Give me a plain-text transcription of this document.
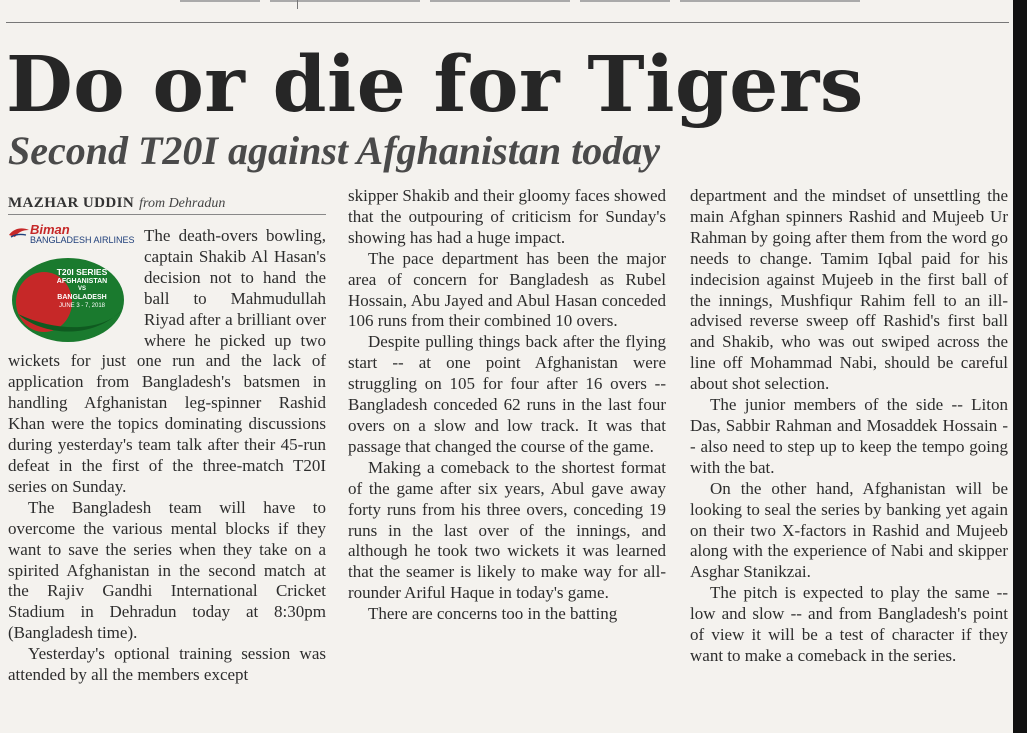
Do or die for Tigers
Second T20I against Afghanistan today
MAZHAR UDDIN from Dehradun
Biman
BANGLADESH AIRLINES
T20I SERIES
AFGHANISTAN
VS
BANGLADESH
JUNE 3 - 7, 2018

The death-overs bowling, captain Shakib Al Hasan's decision not to hand the ball to Mahmudullah Riyad after a brilliant over where he picked up two wickets for just one run and the lack of application from Bangladesh's batsmen in handling Afghanistan leg-spinner Rashid Khan were the topics dominating discussions during yesterday's team talk after their 45-run defeat in the first of the three-match T20I series on Sunday.

The Bangladesh team will have to overcome the various mental blocks if they want to save the series when they take on a spirited Afghanistan in the second match at the Rajiv Gandhi International Cricket Stadium in Dehradun today at 8:30pm (Bangladesh time).

Yesterday's optional training session was attended by all the members except

skipper Shakib and their gloomy faces showed that the outpouring of criticism for Sunday's showing has had a huge impact.

The pace department has been the major area of concern for Bangladesh as Rubel Hossain, Abu Jayed and Abul Hasan conceded 106 runs from their combined 10 overs.

Despite pulling things back after the flying start -- at one point Afghanistan were struggling on 105 for four after 16 overs -- Bangladesh conceded 62 runs in the last four overs on a slow and low track. It was that passage that changed the course of the game.

Making a comeback to the shortest format of the game after six years, Abul gave away forty runs from his three overs, conceding 19 runs in the last over of the innings, and although he took two wickets it was learned that the seamer is likely to make way for all-rounder Ariful Haque in today's game.

There are concerns too in the batting

department and the mindset of unsettling the main Afghan spinners Rashid and Mujeeb Ur Rahman by going after them from the word go needs to change. Tamim Iqbal paid for his indecision against Mujeeb in the first ball of the innings, Mushfiqur Rahim fell to an ill-advised reverse sweep off Rashid's first ball and Shakib, who was out swiped across the line off Mohammad Nabi, should be careful about shot selection.

The junior members of the side -- Liton Das, Sabbir Rahman and Mosaddek Hossain -- also need to step up to keep the tempo going with the bat.

On the other hand, Afghanistan will be looking to seal the series by banking yet again on their two X-factors in Rashid and Mujeeb along with the experience of Nabi and skipper Asghar Stanikzai.

The pitch is expected to play the same -- low and slow -- and from Bangladesh's point of view it will be a test of character if they want to make a comeback in the series.
